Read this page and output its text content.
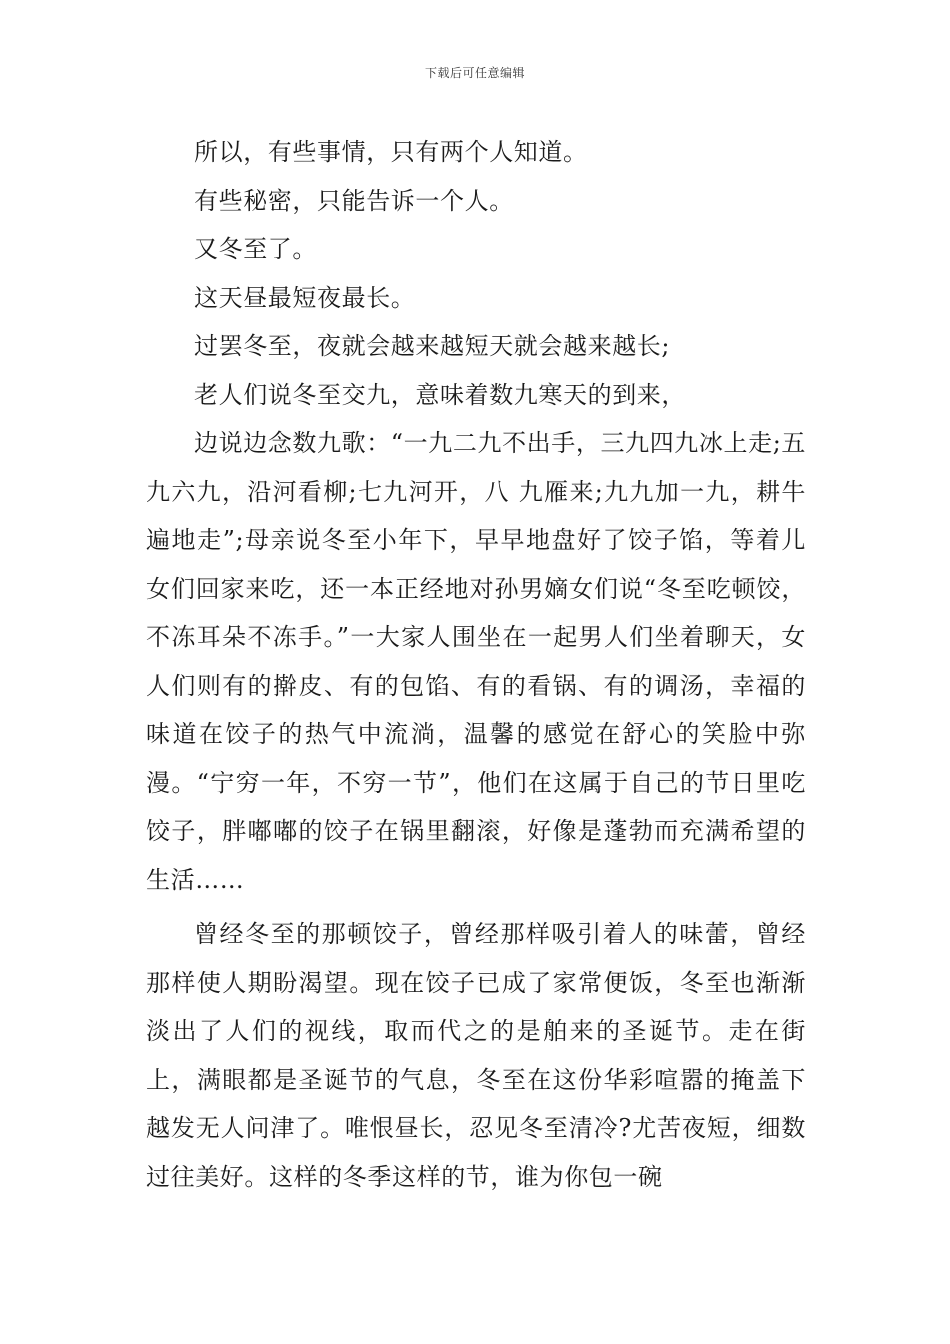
下载后可任意编辑

所以，有些事情，只有两个人知道。

有些秘密，只能告诉一个人。

又冬至了。

这天昼最短夜最长。

过罢冬至，夜就会越来越短天就会越来越长;

老人们说冬至交九，意味着数九寒天的到来，

边说边念数九歌：“一九二九不出手，三九四九冰上走;五九六九，沿河看柳;七九河开，八 九雁来;九九加一九，耕牛遍地走”;母亲说冬至小年下，早早地盘好了饺子馅，等着儿女们回家来吃，还一本正经地对孙男嫡女们说“冬至吃顿饺，不冻耳朵不冻手。”一大家人围坐在一起男人们坐着聊天，女人们则有的擀皮、有的包馅、有的看锅、有的调汤，幸福的味道在饺子的热气中流淌，温馨的感觉在舒心的笑脸中弥漫。“宁穷一年，不穷一节”，他们在这属于自己的节日里吃饺子，胖嘟嘟的饺子在锅里翻滚，好像是蓬勃而充满希望的生活……

曾经冬至的那顿饺子，曾经那样吸引着人的味蕾，曾经那样使人期盼渴望。现在饺子已成了家常便饭，冬至也渐渐淡出了人们的视线，取而代之的是舶来的圣诞节。走在街上，满眼都是圣诞节的气息，冬至在这份华彩喧嚣的掩盖下越发无人问津了。唯恨昼长，忍见冬至清冷?尤苦夜短，细数过往美好。这样的冬季这样的节，谁为你包一碗
